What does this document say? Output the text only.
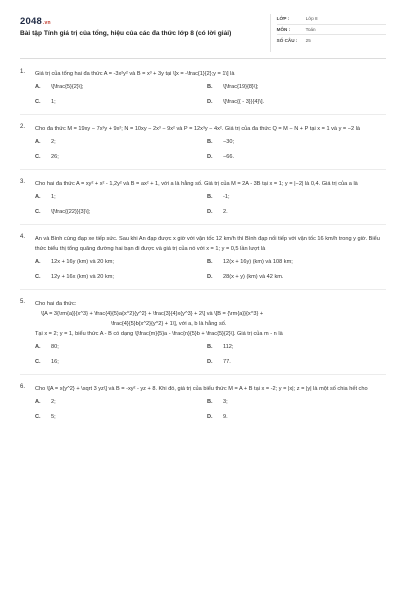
2048.vn
Bài tập Tính giá trị của tổng, hiệu của các đa thức lớp 8 (có lời giải)
LỚP :	Lớp 8
MÔN :	Toán
SỐ CÂU :	25
1.	Giá trị của tổng hai đa thức A = -3x²y² và B = x³ + 3y tại \[x = -\frac{1}{2};y = 1\] là
A.	\[\frac{5}{2}\];	B.	\[\frac{19}{8}\];
C.	1;	D.	\[\frac{{ - 3}}{4}\].
2.	Cho đa thức M = 19xy − 7x³y + 9x²; N = 10xy − 2x³ − 9x² và P = 12x³y − 4x². Giá trị của đa thức Q = M − N + P tại x = 1 và y = −2 là
A.	2;	B.	−30;
C.	26;	D.	−66.
3.	Cho hai đa thức A = xy² + x² - 1,2y² và B = ax² + 1, với a là hằng số. Giá trị của M = 2A - 3B tại x = 1; y = |−2| là 0,4. Giá trị của a là
A.	1;	B.	-1;
C.	\[\frac{{22}}{3}\];	D.	2.
4.	An và Bình cùng đạp xe tiếp sức. Sau khi An đạp được x giờ với vận tốc 12 km/h thì Bình đạp nối tiếp với vận tốc 16 km/h trong y giờ. Biểu thức biểu thị tổng quãng đường hai bạn đi được và giá trị của nó với x = 1; y = 0,5 lần lượt là
A.	12x + 16y (km) và 20 km;	B.	12(x + 16y) (km) và 108 km;
C.	12y + 16x (km) và 20 km;	D.	28(x + y) (km) và 42 km.
5.	Cho hai đa thức:
\[A = 3{\rm{a}}{x^3} + \frac{4}{5}a{x^2}{y^2} + \frac{3}{4}x{y^3} + 2\] và \[B = {\rm{a}}{x^3} +
\frac{4}{5}b{x^2}{y^2} + 1\], với a, b là hằng số.
Tại x = 2; y = 1, biểu thức A - B có dạng \[\frac{m}{5}a - \frac{n}{5}b + \frac{5}{2}\]. Giá trị của m - n là
A.	80;	B.	112;
C.	16;	D.	77.
6.	Cho \[A = x{y^2} + \sqrt 3 yz\] và B = -xy² - yz + 8. Khi đó, giá trị của biểu thức M = A + B tại x = -2; y = |x|; z = |y| là một số chia hết cho
A.	2;	B.	3;
C.	5;	D.	9.
